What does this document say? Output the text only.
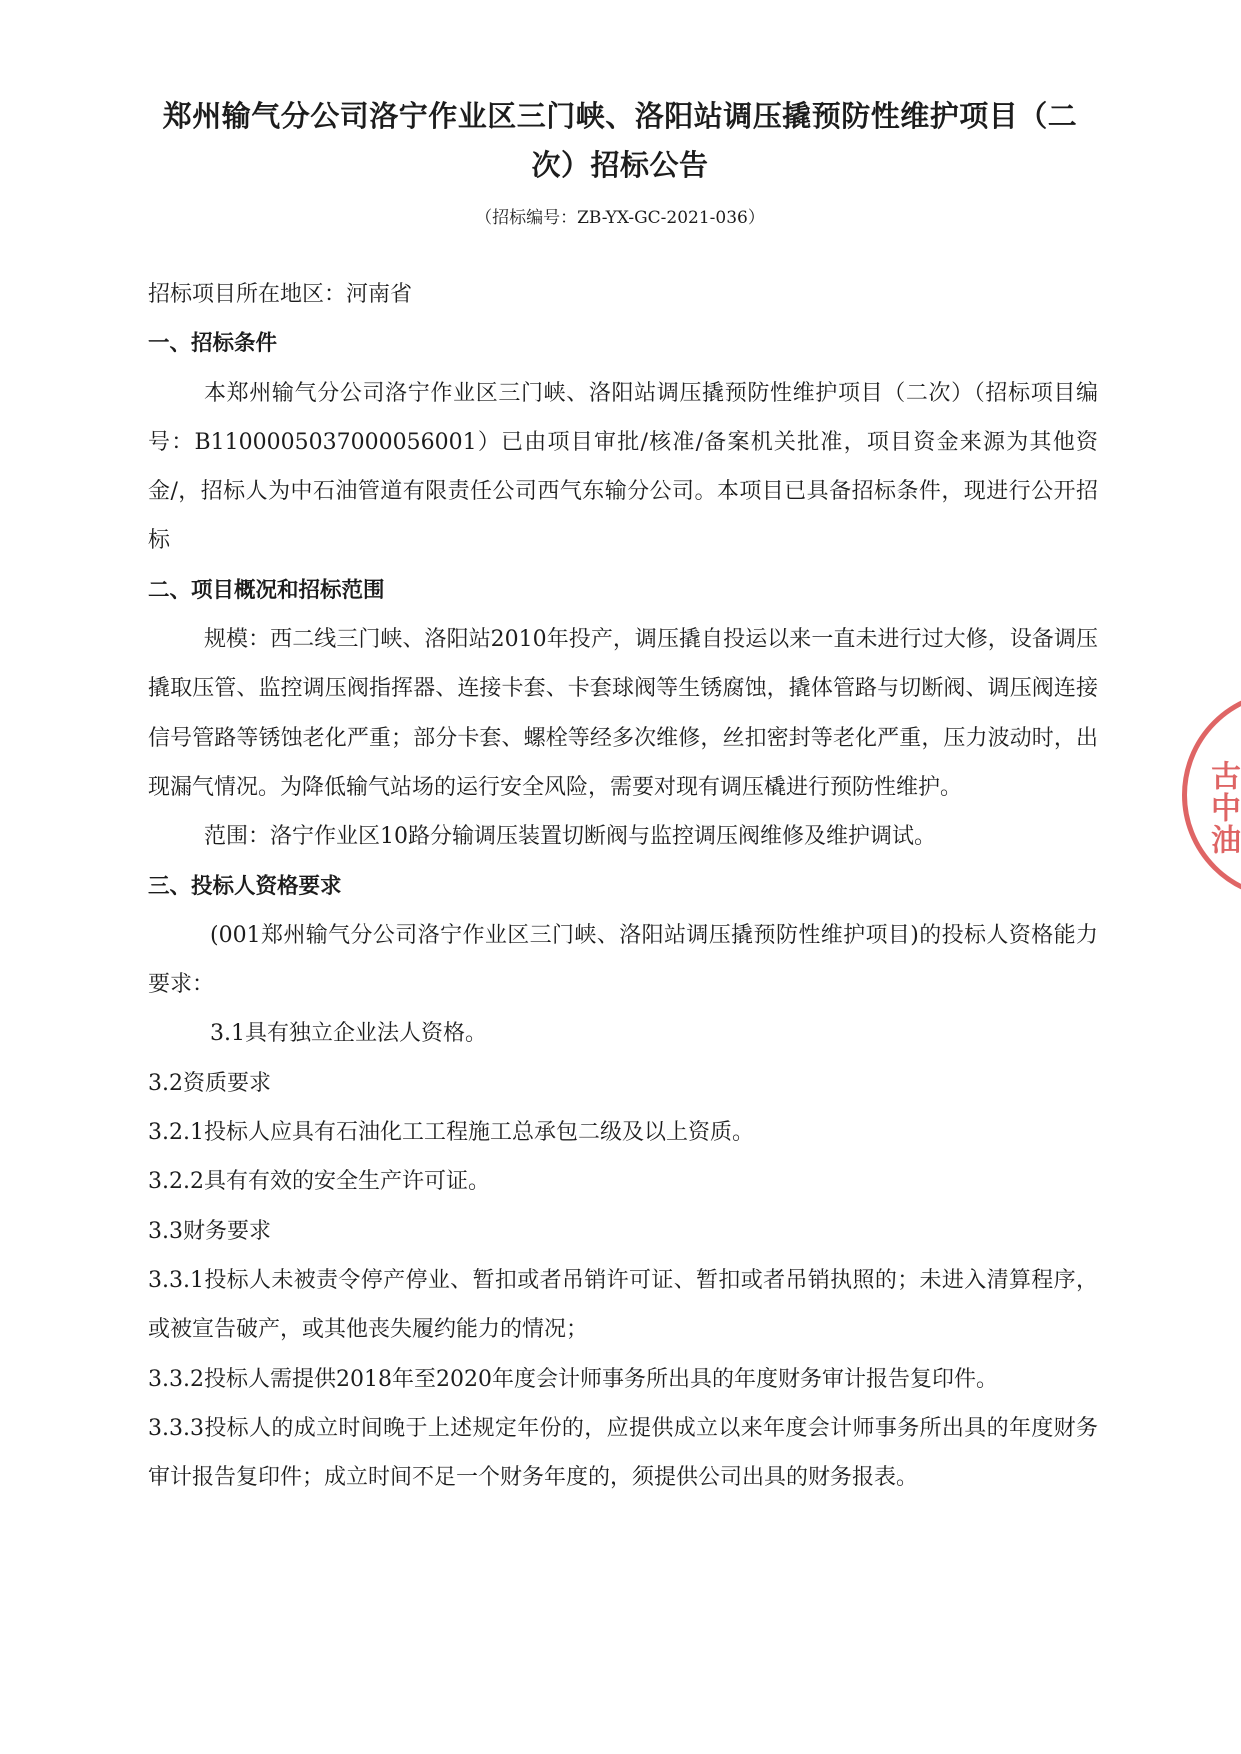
郑州输气分公司洛宁作业区三门峡、洛阳站调压撬预防性维护项目（二次）招标公告

（招标编号：ZB-YX-GC-2021-036）

招标项目所在地区：河南省

一、招标条件

本郑州输气分公司洛宁作业区三门峡、洛阳站调压撬预防性维护项目（二次）（招标项目编号：B1100005037000056001）已由项目审批/核准/备案机关批准，项目资金来源为其他资金/，招标人为中石油管道有限责任公司西气东输分公司。本项目已具备招标条件，现进行公开招标

二、项目概况和招标范围

规模：西二线三门峡、洛阳站2010年投产，调压撬自投运以来一直未进行过大修，设备调压撬取压管、监控调压阀指挥器、连接卡套、卡套球阀等生锈腐蚀，撬体管路与切断阀、调压阀连接信号管路等锈蚀老化严重；部分卡套、螺栓等经多次维修，丝扣密封等老化严重，压力波动时，出现漏气情况。为降低输气站场的运行安全风险，需要对现有调压橇进行预防性维护。

范围：洛宁作业区10路分输调压装置切断阀与监控调压阀维修及维护调试。

三、投标人资格要求

(001郑州输气分公司洛宁作业区三门峡、洛阳站调压撬预防性维护项目)的投标人资格能力要求：

3.1具有独立企业法人资格。

3.2资质要求

3.2.1投标人应具有石油化工工程施工总承包二级及以上资质。

3.2.2具有有效的安全生产许可证。

3.3财务要求

3.3.1投标人未被责令停产停业、暂扣或者吊销许可证、暂扣或者吊销执照的；未进入清算程序，或被宣告破产，或其他丧失履约能力的情况；

3.3.2投标人需提供2018年至2020年度会计师事务所出具的年度财务审计报告复印件。

3.3.3投标人的成立时间晚于上述规定年份的，应提供成立以来年度会计师事务所出具的年度财务审计报告复印件；成立时间不足一个财务年度的，须提供公司出具的财务报表。

古中油
